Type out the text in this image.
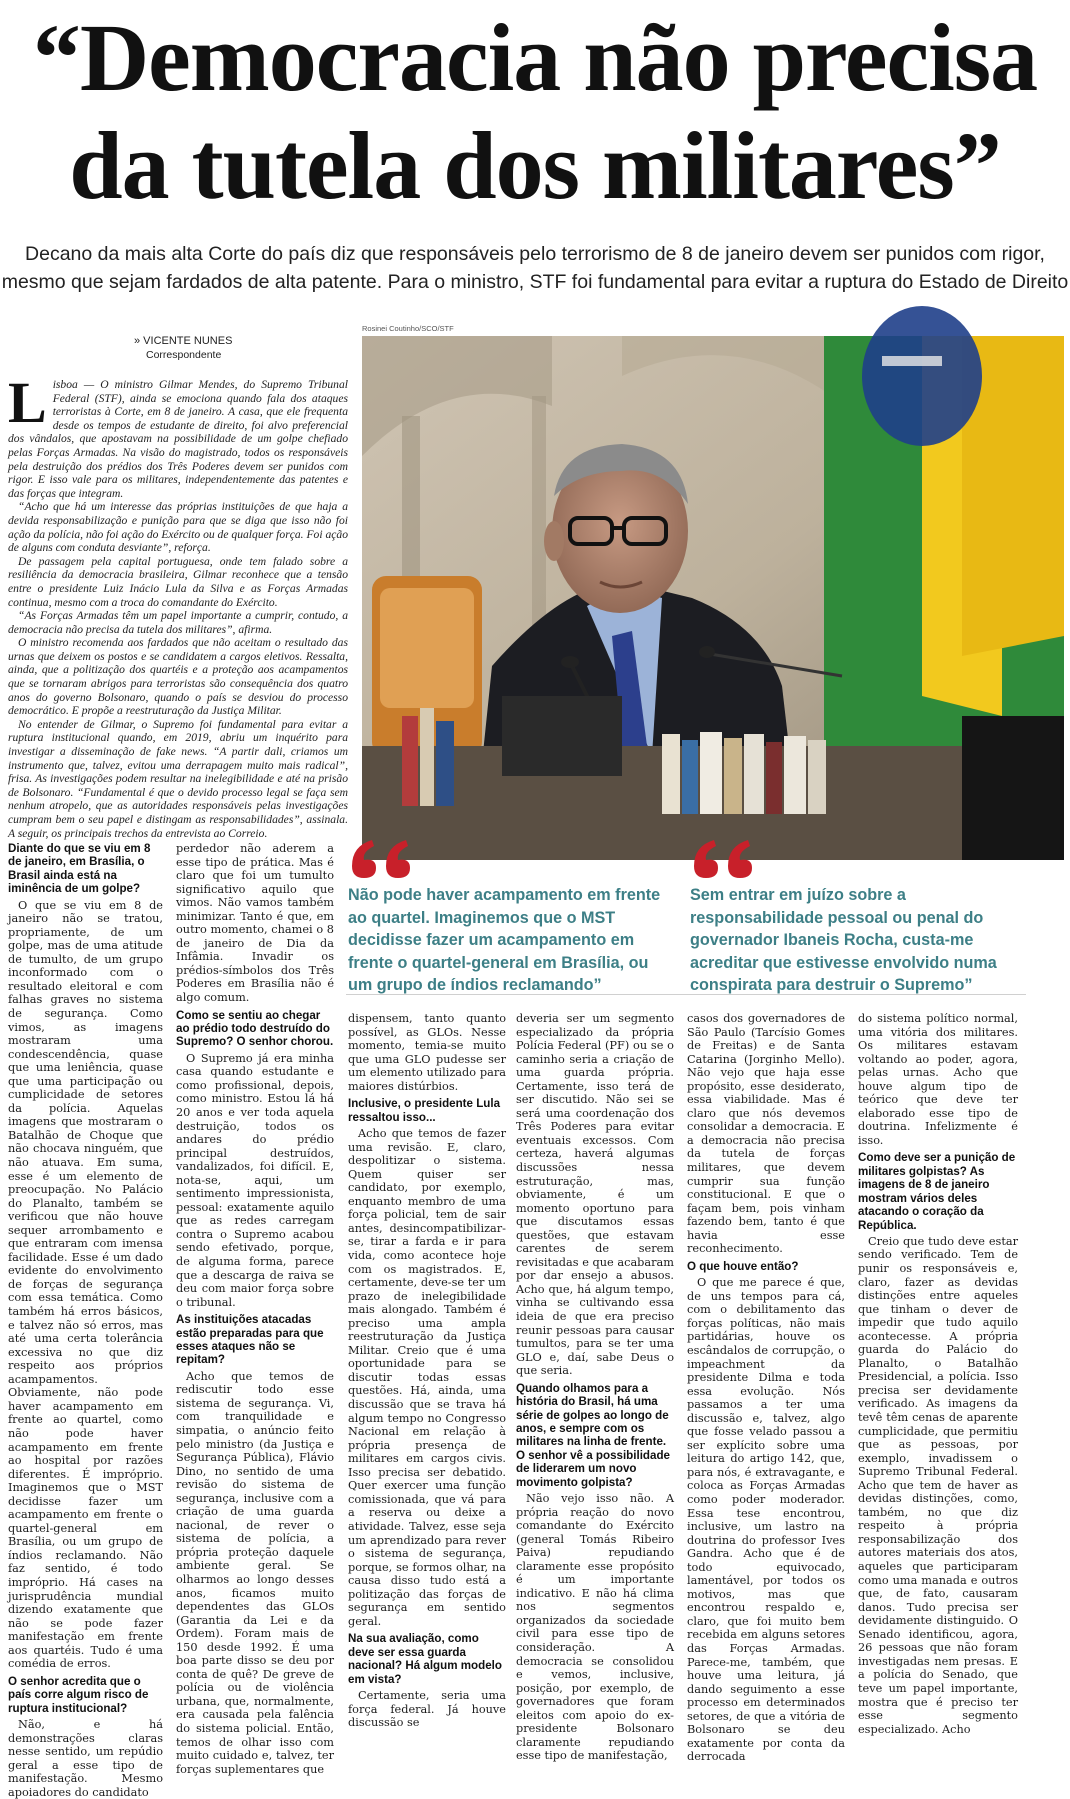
“Democracia não precisa
da tutela dos militares”
Decano da mais alta Corte do país diz que responsáveis pelo terrorismo de 8 de janeiro devem ser punidos com rigor,
mesmo que sejam fardados de alta patente. Para o ministro, STF foi fundamental para evitar a ruptura do Estado de Direito
» VICENTE NUNES
Correspondente
Rosinei Coutinho/SCO/STF

Lisboa — O ministro Gilmar Mendes, do Supremo Tribunal Federal (STF), ainda se emociona quando fala dos ataques terroristas à Corte, em 8 de janeiro. A casa, que ele frequenta desde os tempos de estudante de direito, foi alvo preferencial dos vândalos, que apostavam na possibilidade de um golpe chefiado pelas Forças Armadas. Na visão do magistrado, todos os responsáveis pela destruição dos prédios dos Três Poderes devem ser punidos com rigor. E isso vale para os militares, independentemente das patentes e das forças que integram.

“Acho que há um interesse das próprias instituições de que haja a devida responsabilização e punição para que se diga que isso não foi ação da polícia, não foi ação do Exército ou de qualquer força. Foi ação de alguns com conduta desviante”, reforça.

De passagem pela capital portuguesa, onde tem falado sobre a resiliência da democracia brasileira, Gilmar reconhece que a tensão entre o presidente Luiz Inácio Lula da Silva e as Forças Armadas continua, mesmo com a troca do comandante do Exército.

“As Forças Armadas têm um papel importante a cumprir, contudo, a democracia não precisa da tutela dos militares”, afirma.

O ministro recomenda aos fardados que não aceitam o resultado das urnas que deixem os postos e se candidatem a cargos eletivos. Ressalta, ainda, que a politização dos quartéis e a proteção aos acampamentos que se tornaram abrigos para terroristas são consequência dos quatro anos do governo Bolsonaro, quando o país se desviou do processo democrático. E propõe a reestruturação da Justiça Militar.

No entender de Gilmar, o Supremo foi fundamental para evitar a ruptura institucional quando, em 2019, abriu um inquérito para investigar a disseminação de fake news. “A partir dali, criamos um instrumento que, talvez, evitou uma derrapagem muito mais radical”, frisa. As investigações podem resultar na inelegibilidade e até na prisão de Bolsonaro. “Fundamental é que o devido processo legal se faça sem nenhum atropelo, que as autoridades responsáveis pelas investigações cumpram bem o seu papel e distingam as responsabilidades”, assinala. A seguir, os principais trechos da entrevista ao Correio.

Não pode haver acampamento em frente ao quartel. Imaginemos que o MST decidisse fazer um acampamento em frente o quartel-general em Brasília, ou um grupo de índios reclamando”
Sem entrar em juízo sobre a responsabilidade pessoal ou penal do governador Ibaneis Rocha, custa-me acreditar que estivesse envolvido numa conspirata para destruir o Supremo”

Diante do que se viu em 8 de janeiro, em Brasília, o Brasil ainda está na iminência de um golpe?

O que se viu em 8 de janeiro não se tratou, propriamente, de um golpe, mas de uma atitude de tumulto, de um grupo inconformado com o resultado eleitoral e com falhas graves no sistema de segurança. Como vimos, as imagens mostraram uma condescendência, quase que uma leniência, quase que uma participação ou cumplicidade de setores da polícia. Aquelas imagens que mostraram o Batalhão de Choque que não chocava ninguém, que não atuava. Em suma, esse é um elemento de preocupação. No Palácio do Planalto, também se verificou que não houve sequer arrombamento e que entraram com imensa facilidade. Esse é um dado evidente do envolvimento de forças de segurança com essa temática. Como também há erros básicos, e talvez não só erros, mas até uma certa tolerância excessiva no que diz respeito aos próprios acampamentos. Obviamente, não pode haver acampamento em frente ao quartel, como não pode haver acampamento em frente ao hospital por razões diferentes. É impróprio. Imaginemos que o MST decidisse fazer um acampamento em frente o quartel-general em Brasília, ou um grupo de índios reclamando. Não faz sentido, é todo impróprio. Há cases na jurisprudência mundial dizendo exatamente que não se pode fazer manifestação em frente aos quartéis. Tudo é uma comédia de erros.

O senhor acredita que o país corre algum risco de ruptura institucional?

Não, e há demonstrações claras nesse sentido, um repúdio geral a esse tipo de manifestação. Mesmo apoiadores do candidato

perdedor não aderem a esse tipo de prática. Mas é claro que foi um tumulto significativo aquilo que vimos. Não vamos também minimizar. Tanto é que, em outro momento, chamei o 8 de janeiro de Dia da Infâmia. Invadir os prédios-símbolos dos Três Poderes em Brasília não é algo comum.

Como se sentiu ao chegar ao prédio todo destruído do Supremo? O senhor chorou.

O Supremo já era minha casa quando estudante e como profissional, depois, como ministro. Estou lá há 20 anos e ver toda aquela destruição, todos os andares do prédio principal destruídos, vandalizados, foi difícil. E, nota-se, aqui, um sentimento impressionista, pessoal: exatamente aquilo que as redes carregam contra o Supremo acabou sendo efetivado, porque, de alguma forma, parece que a descarga de raiva se deu com maior força sobre o tribunal.

As instituições atacadas estão preparadas para que esses ataques não se repitam?

Acho que temos de rediscutir todo esse sistema de segurança. Vi, com tranquilidade e simpatia, o anúncio feito pelo ministro (da Justiça e Segurança Pública), Flávio Dino, no sentido de uma revisão do sistema de segurança, inclusive com a criação de uma guarda nacional, de rever o sistema de polícia, a própria proteção daquele ambiente geral. Se olharmos ao longo desses anos, ficamos muito dependentes das GLOs (Garantia da Lei e da Ordem). Foram mais de 150 desde 1992. É uma boa parte disso se deu por conta de quê? De greve de polícia ou de violência urbana, que, normalmente, era causada pela falência do sistema policial. Então, temos de olhar isso com muito cuidado e, talvez, ter forças suplementares que

dispensem, tanto quanto possível, as GLOs. Nesse momento, temia-se muito que uma GLO pudesse ser um elemento utilizado para maiores distúrbios.

Inclusive, o presidente Lula ressaltou isso...

Acho que temos de fazer uma revisão. E, claro, despolitizar o sistema. Quem quiser ser candidato, por exemplo, enquanto membro de uma força policial, tem de sair antes, desincompatibilizar-se, tirar a farda e ir para vida, como acontece hoje com os magistrados. E, certamente, deve-se ter um prazo de inelegibilidade mais alongado. Também é preciso uma ampla reestruturação da Justiça Militar. Creio que é uma oportunidade para se discutir todas essas questões. Há, ainda, uma discussão que se trava há algum tempo no Congresso Nacional em relação à própria presença de militares em cargos civis. Isso precisa ser debatido. Quer exercer uma função comissionada, que vá para a reserva ou deixe a atividade. Talvez, esse seja um aprendizado para rever o sistema de segurança, porque, se formos olhar, na causa disso tudo está a politização das forças de segurança em sentido geral.

Na sua avaliação, como deve ser essa guarda nacional? Há algum modelo em vista?

Certamente, seria uma força federal. Já houve discussão se

deveria ser um segmento especializado da própria Polícia Federal (PF) ou se o caminho seria a criação de uma guarda própria. Certamente, isso terá de ser discutido. Não sei se será uma coordenação dos Três Poderes para evitar eventuais excessos. Com certeza, haverá algumas discussões nessa estruturação, mas, obviamente, é um momento oportuno para que discutamos essas questões, que estavam carentes de serem revisitadas e que acabaram por dar ensejo a abusos. Acho que, há algum tempo, vinha se cultivando essa ideia de que era preciso reunir pessoas para causar tumultos, para se ter uma GLO e, daí, sabe Deus o que seria.

Quando olhamos para a história do Brasil, há uma série de golpes ao longo de anos, e sempre com os militares na linha de frente. O senhor vê a possibilidade de liderarem um novo movimento golpista?

Não vejo isso não. A própria reação do novo comandante do Exército (general Tomás Ribeiro Paiva) repudiando claramente esse propósito é um importante indicativo. E não há clima nos segmentos organizados da sociedade civil para esse tipo de consideração. A democracia se consolidou e vemos, inclusive, posição, por exemplo, de governadores que foram eleitos com apoio do ex-presidente Bolsonaro claramente repudiando esse tipo de manifestação,

casos dos governadores de São Paulo (Tarcísio Gomes de Freitas) e de Santa Catarina (Jorginho Mello). Não vejo que haja esse propósito, esse desiderato, essa viabilidade. Mas é claro que nós devemos consolidar a democracia. E a democracia não precisa da tutela de forças militares, que devem cumprir sua função constitucional. E que o façam bem, pois vinham fazendo bem, tanto é que havia esse reconhecimento.

O que houve então?

O que me parece é que, de uns tempos para cá, com o debilitamento das forças políticas, não mais partidárias, houve os escândalos de corrupção, o impeachment da presidente Dilma e toda essa evolução. Nós passamos a ter uma discussão e, talvez, algo que fosse velado passou a ser explícito sobre uma leitura do artigo 142, que, para nós, é extravagante, e coloca as Forças Armadas como poder moderador. Essa tese encontrou, inclusive, um lastro na doutrina do professor Ives Gandra. Acho que é de todo equivocado, lamentável, por todos os motivos, mas que encontrou respaldo e, claro, que foi muito bem recebida em alguns setores das Forças Armadas. Parece-me, também, que houve uma leitura, já dando seguimento a esse processo em determinados setores, de que a vitória de Bolsonaro se deu exatamente por conta da derrocada

do sistema político normal, uma vitória dos militares. Os militares estavam voltando ao poder, agora, pelas urnas. Acho que houve algum tipo de teórico que deve ter elaborado esse tipo de doutrina. Infelizmente é isso.

Como deve ser a punição de militares golpistas? As imagens de 8 de janeiro mostram vários deles atacando o coração da República.

Creio que tudo deve estar sendo verificado. Tem de punir os responsáveis e, claro, fazer as devidas distinções entre aqueles que tinham o dever de impedir que tudo aquilo acontecesse. A própria guarda do Palácio do Planalto, o Batalhão Presidencial, a polícia. Isso precisa ser devidamente verificado. As imagens da tevê têm cenas de aparente cumplicidade, que permitiu que as pessoas, por exemplo, invadissem o Supremo Tribunal Federal. Acho que tem de haver as devidas distinções, como, também, no que diz respeito à própria responsabilização dos autores materiais dos atos, aqueles que participaram como uma manada e outros que, de fato, causaram danos. Tudo precisa ser devidamente distinguido. O Senado identificou, agora, 26 pessoas que não foram investigadas nem presas. E a polícia do Senado, que teve um papel importante, mostra que é preciso ter esse segmento especializado. Acho
